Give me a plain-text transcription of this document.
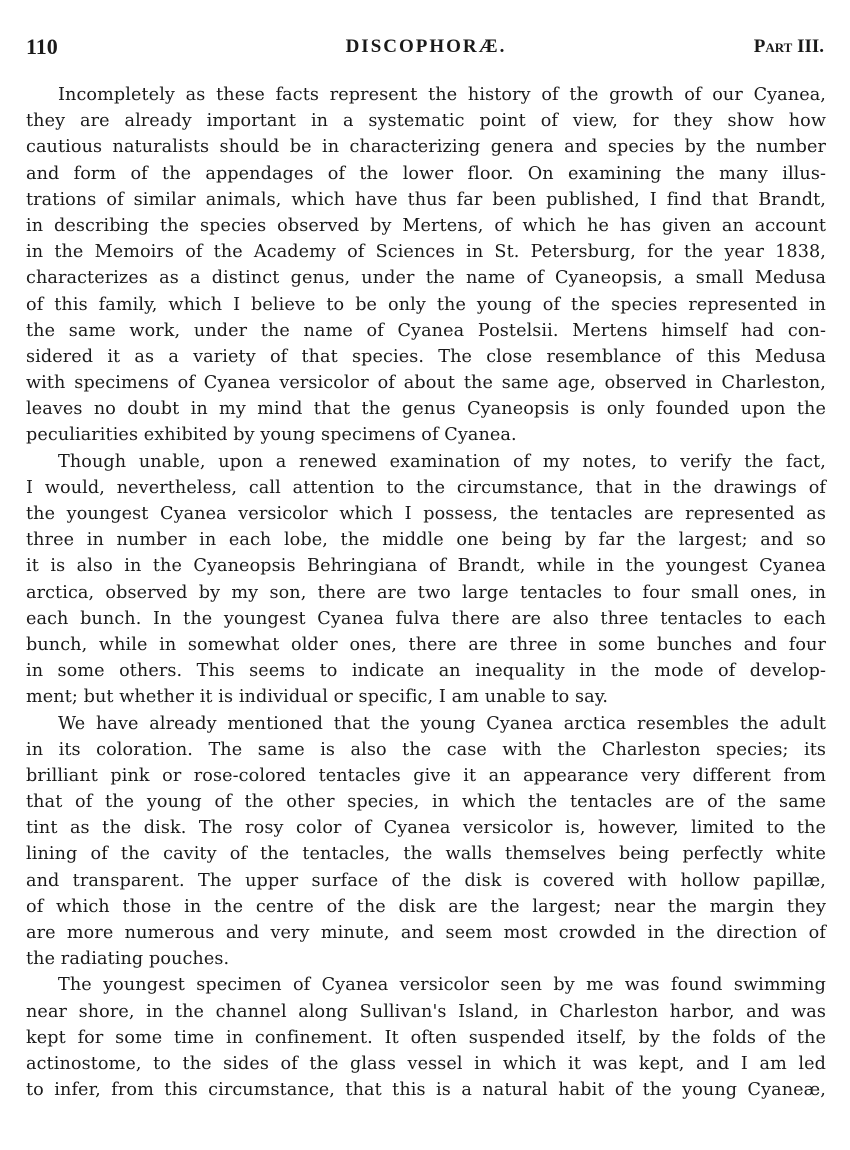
110	DISCOPHORÆ.	Part III.
Incompletely as these facts represent the history of the growth of our Cyanea,
they are already important in a systematic point of view, for they show how
cautious naturalists should be in characterizing genera and species by the number
and form of the appendages of the lower floor. On examining the many illus-
trations of similar animals, which have thus far been published, I find that Brandt,
in describing the species observed by Mertens, of which he has given an account
in the Memoirs of the Academy of Sciences in St. Petersburg, for the year 1838,
characterizes as a distinct genus, under the name of Cyaneopsis, a small Medusa
of this family, which I believe to be only the young of the species represented in
the same work, under the name of Cyanea Postelsii. Mertens himself had con-
sidered it as a variety of that species. The close resemblance of this Medusa
with specimens of Cyanea versicolor of about the same age, observed in Charleston,
leaves no doubt in my mind that the genus Cyaneopsis is only founded upon the
peculiarities exhibited by young specimens of Cyanea.
Though unable, upon a renewed examination of my notes, to verify the fact,
I would, nevertheless, call attention to the circumstance, that in the drawings of
the youngest Cyanea versicolor which I possess, the tentacles are represented as
three in number in each lobe, the middle one being by far the largest; and so
it is also in the Cyaneopsis Behringiana of Brandt, while in the youngest Cyanea
arctica, observed by my son, there are two large tentacles to four small ones, in
each bunch. In the youngest Cyanea fulva there are also three tentacles to each
bunch, while in somewhat older ones, there are three in some bunches and four
in some others. This seems to indicate an inequality in the mode of develop-
ment; but whether it is individual or specific, I am unable to say.
We have already mentioned that the young Cyanea arctica resembles the adult
in its coloration. The same is also the case with the Charleston species; its
brilliant pink or rose-colored tentacles give it an appearance very different from
that of the young of the other species, in which the tentacles are of the same
tint as the disk. The rosy color of Cyanea versicolor is, however, limited to the
lining of the cavity of the tentacles, the walls themselves being perfectly white
and transparent. The upper surface of the disk is covered with hollow papillæ,
of which those in the centre of the disk are the largest; near the margin they
are more numerous and very minute, and seem most crowded in the direction of
the radiating pouches.
The youngest specimen of Cyanea versicolor seen by me was found swimming
near shore, in the channel along Sullivan's Island, in Charleston harbor, and was
kept for some time in confinement. It often suspended itself, by the folds of the
actinostome, to the sides of the glass vessel in which it was kept, and I am led
to infer, from this circumstance, that this is a natural habit of the young Cyaneæ,
